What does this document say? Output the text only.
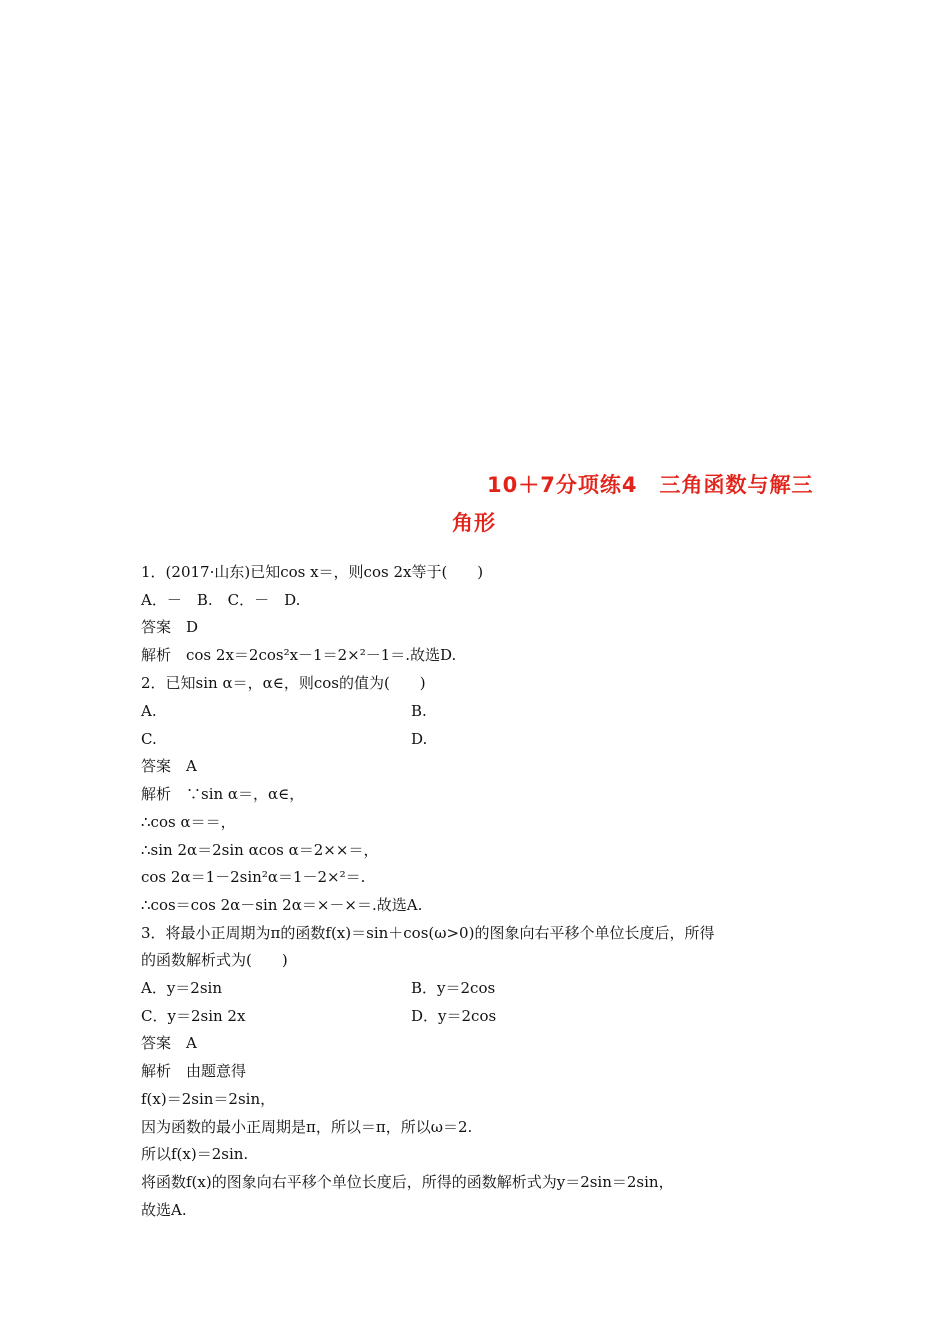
10＋7分项练4　三角函数与解三
角形
1．(2017·山东)已知cos x＝，则cos 2x等于(　　)
A．－　B.　C．－　D.
答案　D
解析　cos 2x＝2cos²x－1＝2×²－1＝.故选D.
2．已知sin α＝，α∈，则cos的值为(　　)
A.	B.
C.	D.
答案　A
解析　∵sin α＝，α∈，
∴cos α＝＝，
∴sin 2α＝2sin αcos α＝2××＝，
cos 2α＝1－2sin²α＝1－2×²＝.
∴cos＝cos 2α－sin 2α＝×－×＝.故选A.
3．将最小正周期为π的函数f(x)＝sin＋cos(ω>0)的图象向右平移个单位长度后，所得
的函数解析式为(　　)
A．y＝2sin	B．y＝2cos
C．y＝2sin 2x	D．y＝2cos
答案　A
解析　由题意得
f(x)＝2sin＝2sin，
因为函数的最小正周期是π，所以＝π，所以ω＝2.
所以f(x)＝2sin.
将函数f(x)的图象向右平移个单位长度后，所得的函数解析式为y＝2sin＝2sin，
故选A.
